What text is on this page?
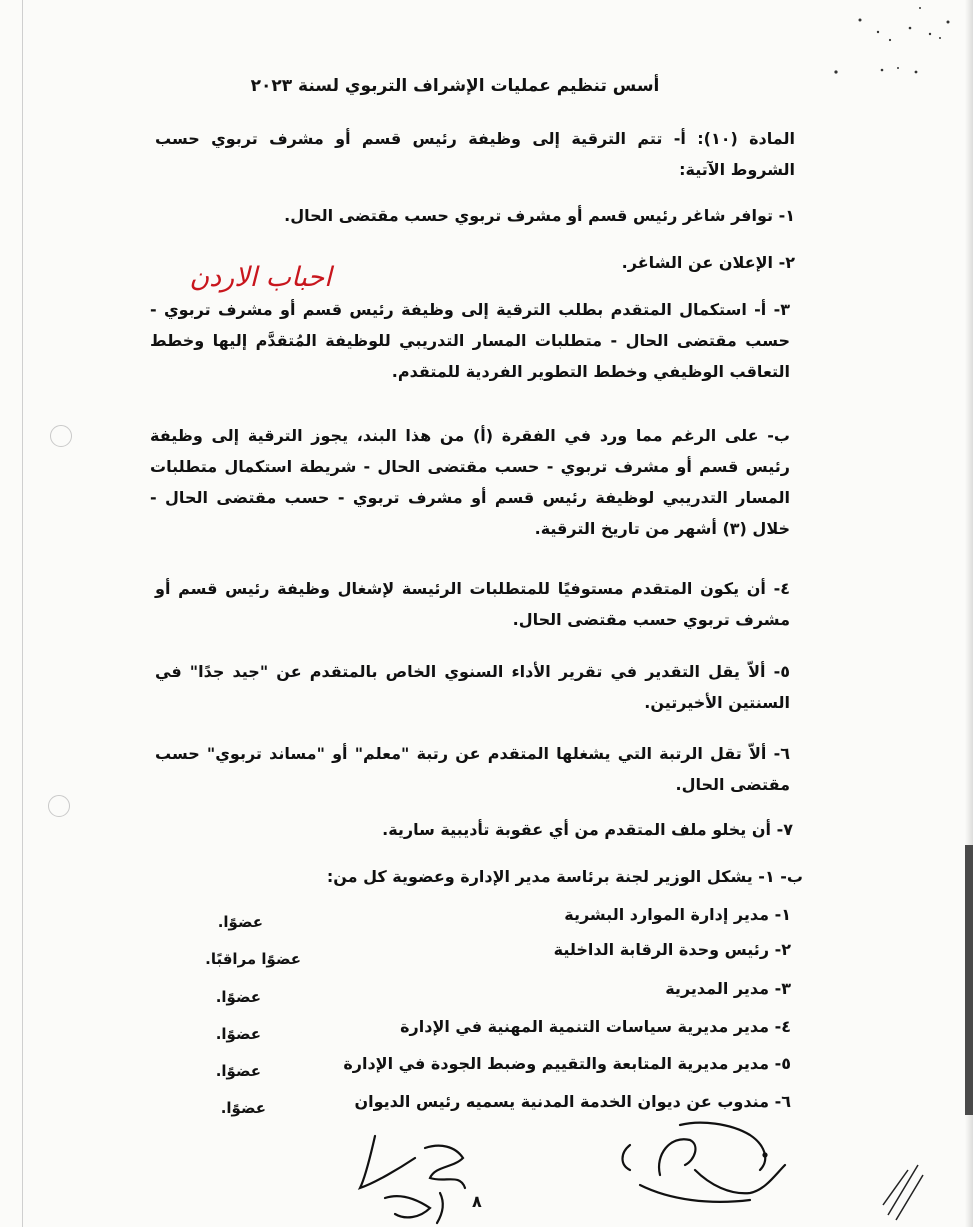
أسس تنظيم عمليات الإشراف التربوي لسنة ٢٠٢٣
المادة (١٠): أ- تتم الترقية إلى وظيفة رئيس قسم أو مشرف تربوي حسب الشروط الآتية:
١- توافر شاغر رئيس قسم أو مشرف تربوي حسب مقتضى الحال.
٢- الإعلان عن الشاغر.
احباب الاردن
٣- أ- استكمال المتقدم بطلب الترقية إلى وظيفة رئيس قسم أو مشرف تربوي - حسب مقتضى الحال - متطلبات المسار التدريبي للوظيفة المُتقدَّم إليها وخطط التعاقب الوظيفي وخطط التطوير الفردية للمتقدم.
ب- على الرغم مما ورد في الفقرة (أ) من هذا البند، يجوز الترقية إلى وظيفة رئيس قسم أو مشرف تربوي - حسب مقتضى الحال - شريطة استكمال متطلبات المسار التدريبي لوظيفة رئيس قسم أو مشرف تربوي - حسب مقتضى الحال - خلال (٣) أشهر من تاريخ الترقية.
٤- أن يكون المتقدم مستوفيًا للمتطلبات الرئيسة لإشغال وظيفة رئيس قسم أو مشرف تربوي حسب مقتضى الحال.
٥- ألاّ يقل التقدير في تقرير الأداء السنوي الخاص بالمتقدم عن "جيد جدًا" في السنتين الأخيرتين.
٦- ألاّ تقل الرتبة التي يشغلها المتقدم عن رتبة "معلم" أو "مساند تربوي" حسب مقتضى الحال.
٧- أن يخلو ملف المتقدم من أي عقوبة تأديبية سارية.
ب- ١- يشكل الوزير لجنة برئاسة مدير الإدارة وعضوية كل من:
١- مدير إدارة الموارد البشرية
عضوًا.
٢- رئيس وحدة الرقابة الداخلية
عضوًا مراقبًا.
٣- مدير المديرية
عضوًا.
٤- مدير مديرية سياسات التنمية المهنية في الإدارة
عضوًا.
٥- مدير مديرية المتابعة والتقييم وضبط الجودة في الإدارة
عضوًا.
٦- مندوب عن ديوان الخدمة المدنية يسميه رئيس الديوان
عضوًا.
٨
